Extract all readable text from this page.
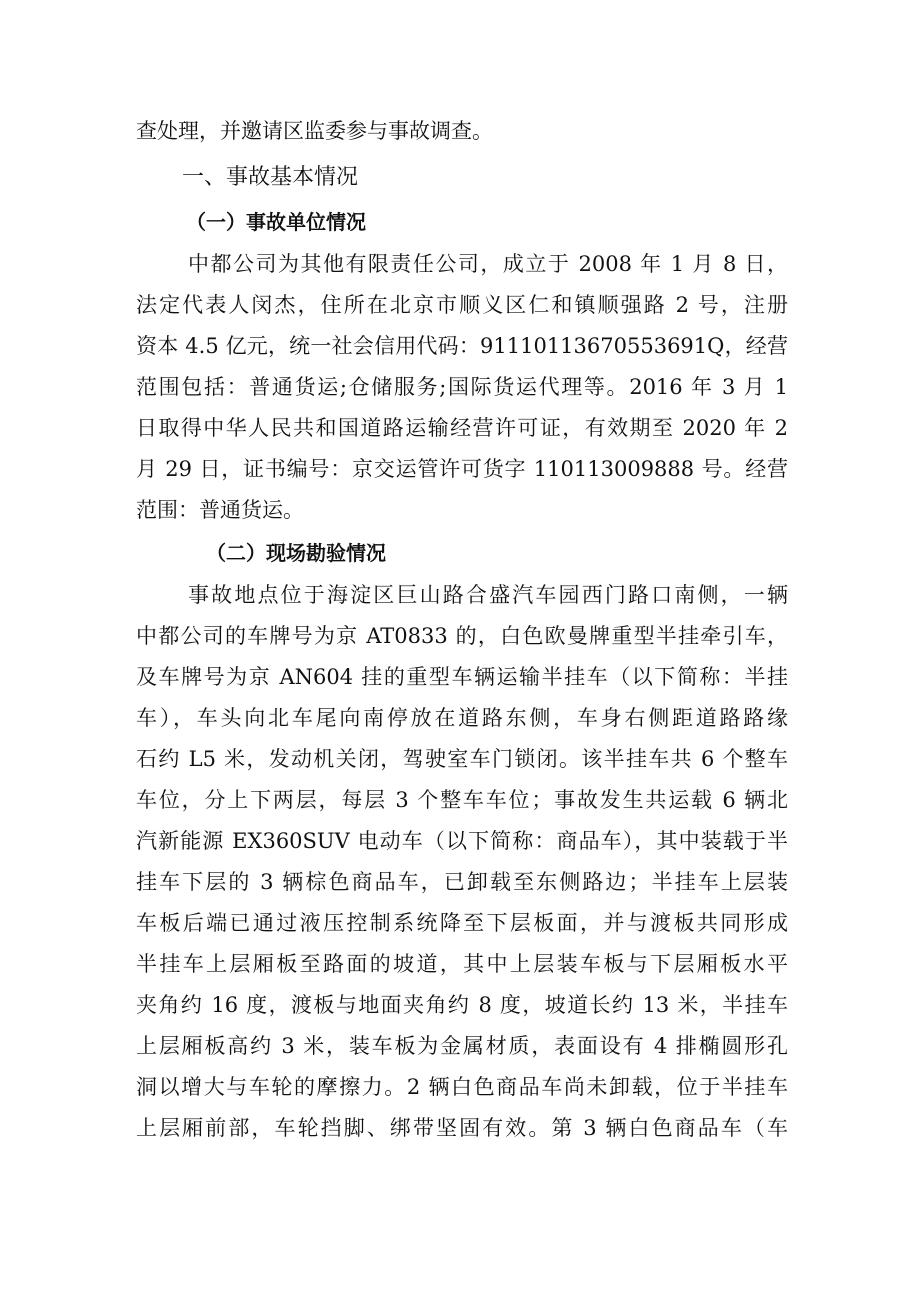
查处理，并邀请区监委参与事故调查。
一、事故基本情况
（一）事故单位情况
中都公司为其他有限责任公司，成立于 2008 年 1 月 8 日，
法定代表人闵杰，住所在北京市顺义区仁和镇顺强路 2 号，注册
资本 4.5 亿元，统一社会信用代码：91110113670553691Q，经营
范围包括：普通货运;仓储服务;国际货运代理等。2016 年 3 月 1
日取得中华人民共和国道路运输经营许可证，有效期至 2020 年 2
月 29 日，证书编号：京交运管许可货字 110113009888 号。经营
范围：普通货运。
（二）现场勘验情况
事故地点位于海淀区巨山路合盛汽车园西门路口南侧，一辆
中都公司的车牌号为京 AT0833 的，白色欧曼牌重型半挂牵引车，
及车牌号为京 AN604 挂的重型车辆运输半挂车（以下简称：半挂
车），车头向北车尾向南停放在道路东侧，车身右侧距道路路缘
石约 L5 米，发动机关闭，驾驶室车门锁闭。该半挂车共 6 个整车
车位，分上下两层，每层 3 个整车车位；事故发生共运载 6 辆北
汽新能源 EX360SUV 电动车（以下简称：商品车），其中装载于半
挂车下层的 3 辆棕色商品车，已卸载至东侧路边；半挂车上层装
车板后端已通过液压控制系统降至下层板面，并与渡板共同形成
半挂车上层厢板至路面的坡道，其中上层装车板与下层厢板水平
夹角约 16 度，渡板与地面夹角约 8 度，坡道长约 13 米，半挂车
上层厢板高约 3 米，装车板为金属材质，表面设有 4 排椭圆形孔
洞以增大与车轮的摩擦力。2 辆白色商品车尚未卸载，位于半挂车
上层厢前部，车轮挡脚、绑带坚固有效。第 3 辆白色商品车（车
